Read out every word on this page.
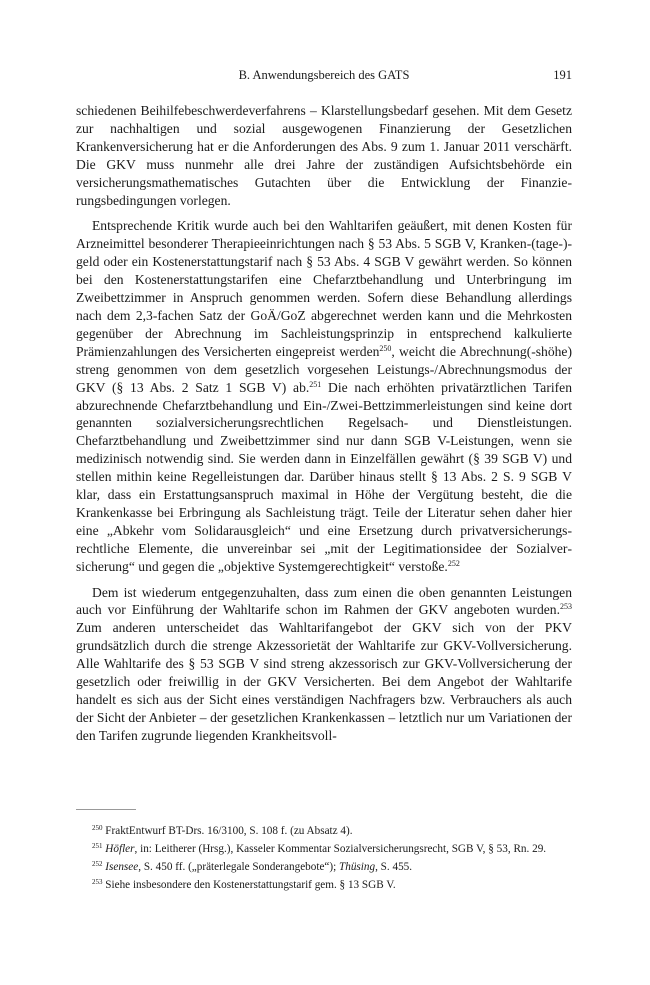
B. Anwendungsbereich des GATS	191

schiedenen Beihilfebeschwerdeverfahrens – Klarstellungsbedarf gesehen. Mit dem Gesetz zur nachhaltigen und sozial ausgewogenen Finanzierung der Gesetzlichen Krankenversicherung hat er die Anforderungen des Abs. 9 zum 1. Januar 2011 verschärft. Die GKV muss nunmehr alle drei Jahre der zuständigen Aufsichtsbehörde ein versicherungsmathematisches Gutachten über die Entwicklung der Finanzierungsbedingungen vorlegen.

Entsprechende Kritik wurde auch bei den Wahltarifen geäußert, mit denen Kosten für Arzneimittel besonderer Therapieeinrichtungen nach § 53 Abs. 5 SGB V, Kranken-(tage-)-geld oder ein Kostenerstattungstarif nach § 53 Abs. 4 SGB V gewährt werden. So können bei den Kostenerstattungstarifen eine Chefarztbehandlung und Unterbringung im Zweibettzimmer in Anspruch genommen werden. Sofern diese Behandlung allerdings nach dem 2,3-fachen Satz der GoÄ/GoZ abgerechnet werden kann und die Mehrkosten gegenüber der Abrechnung im Sachleistungsprinzip in entsprechend kalkulierte Prämienzahlungen des Versicherten eingepreist werden$^{250}$, weicht die Abrechnung(-shöhe) streng genommen von dem gesetzlich vorgesehen Leistungs-/Abrechnungsmodus der GKV (§ 13 Abs. 2 Satz 1 SGB V) ab.$^{251}$ Die nach erhöhten privatärztlichen Tarifen abzurechnende Chefarztbehandlung und Ein-/Zwei-Bettzimmerleistungen sind keine dort genannten sozialversicherungsrechtlichen Regelsach- und Dienstleistungen. Chefarztbehandlung und Zweibettzimmer sind nur dann SGB V-Leistungen, wenn sie medizinisch notwendig sind. Sie werden dann in Einzelfällen gewährt (§ 39 SGB V) und stellen mithin keine Regelleistungen dar. Darüber hinaus stellt § 13 Abs. 2 S. 9 SGB V klar, dass ein Erstattungsanspruch maximal in Höhe der Vergütung besteht, die die Krankenkasse bei Erbringung als Sachleistung trägt. Teile der Literatur sehen daher hier eine „Abkehr vom Solidarausgleich“ und eine Ersetzung durch privatversicherungsrechtliche Elemente, die unvereinbar sei „mit der Legitimationsidee der Sozialversicherung“ und gegen die „objektive Systemgerechtigkeit“ verstoße.$^{252}$

Dem ist wiederum entgegenzuhalten, dass zum einen die oben genannten Leistungen auch vor Einführung der Wahltarife schon im Rahmen der GKV angeboten wurden.$^{253}$ Zum anderen unterscheidet das Wahltarifangebot der GKV sich von der PKV grundsätzlich durch die strenge Akzessorietät der Wahltarife zur GKV-Vollversicherung. Alle Wahltarife des § 53 SGB V sind streng akzessorisch zur GKV-Vollversicherung der gesetzlich oder freiwillig in der GKV Versicherten. Bei dem Angebot der Wahltarife handelt es sich aus der Sicht eines verständigen Nachfragers bzw. Verbrauchers als auch der Sicht der Anbieter – der gesetzlichen Krankenkassen – letztlich nur um Variationen der den Tarifen zugrunde liegenden Krankheitsvoll-

$^{250}$ FraktEntwurf BT-Drs. 16/3100, S. 108 f. (zu Absatz 4).

$^{251}$ Höfler, in: Leitherer (Hrsg.), Kasseler Kommentar Sozialversicherungsrecht, SGB V, § 53, Rn. 29.

$^{252}$ Isensee, S. 450 ff. („präterlegale Sonderangebote“); Thüsing, S. 455.

$^{253}$ Siehe insbesondere den Kostenerstattungstarif gem. § 13 SGB V.
